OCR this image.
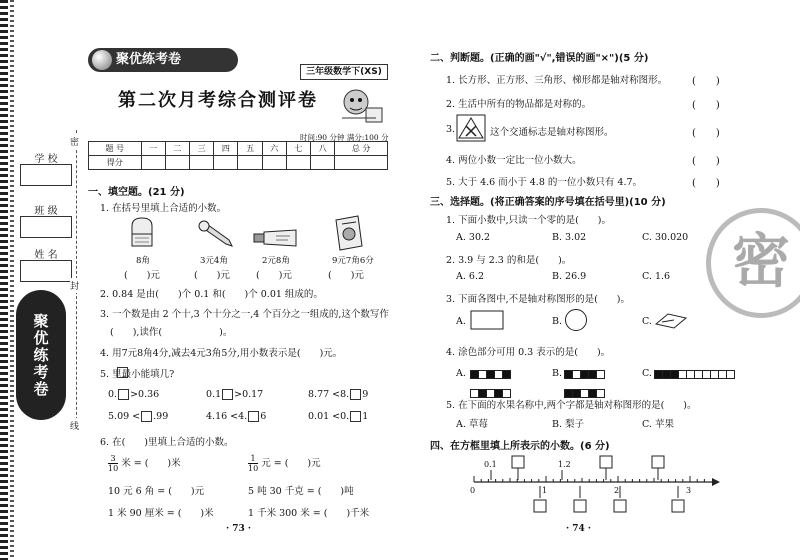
学 校
班 级
姓 名
密
封
线
聚优练考卷
聚优练考卷
三年级数学下(XS)
第二次月考综合测评卷
时间:90 分钟 满分:100 分
题 号	一	二	三	四	五	六	七	八	总 分
得分									
一、填空题。(21 分)
1. 在括号里填上合适的小数。
8角	3元4角	2元8角	9元7角6分
(　　)元	(　　)元	(　　)元	(　　)元
2. 0.84 是由(　　)个 0.1 和(　　)个 0.01 组成的。
3. 一个数是由 2 个十,3 个十分之一,4 个百分之一组成的,这个数写作
(　　),读作(　　　　　　)。
4. 用7元8角4分,减去4元3角5分,用小数表示是(　　)元。
5. 里最小能填几?
0. >0.36	0.1 >0.17	8.77 <8. 9
5.09 < .99	4.16 <4. 6	0.01 <0. 1
6. 在(　　)里填上合适的小数。
$\frac{3}{10}$ 米 = (　　)米	$\frac{1}{10}$ 元 = (　　)元
10 元 6 角 = (　　)元	5 吨 30 千克 = (　　)吨
1 米 90 厘米 = (　　)米	1 千米 300 米 = (　　)千米
· 73 ·
二、判断题。(正确的画"√",错误的画"×")(5 分)
1. 长方形、正方形、三角形、梯形都是轴对称图形。 (　　)
2. 生活中所有的物品都是对称的。	(　　)
3.	这个交通标志是轴对称图形。	(　　)
4. 两位小数一定比一位小数大。	(　　)
5. 大于 4.6 而小于 4.8 的一位小数只有 4.7。	(　　)
三、选择题。(将正确答案的序号填在括号里)(10 分)
1. 下面小数中,只读一个零的是(　　)。
A. 30.2	B. 3.02	C. 30.020
2. 3.9 与 2.3 的和是(　　)。
A. 6.2	B. 26.9	C. 1.6
3. 下面各图中,不是轴对称图形的是(　　)。
A.	B.	C.
4. 涂色部分可用 0.3 表示的是(　　)。
A.	B.	C.
5. 在下面的水果名称中,两个字都是轴对称图形的是(　　)。
A. 草莓	B. 梨子	C. 苹果
四、在方框里填上所表示的小数。(6 分)
0.1	1.2
0	1	2	3
密
· 74 ·
